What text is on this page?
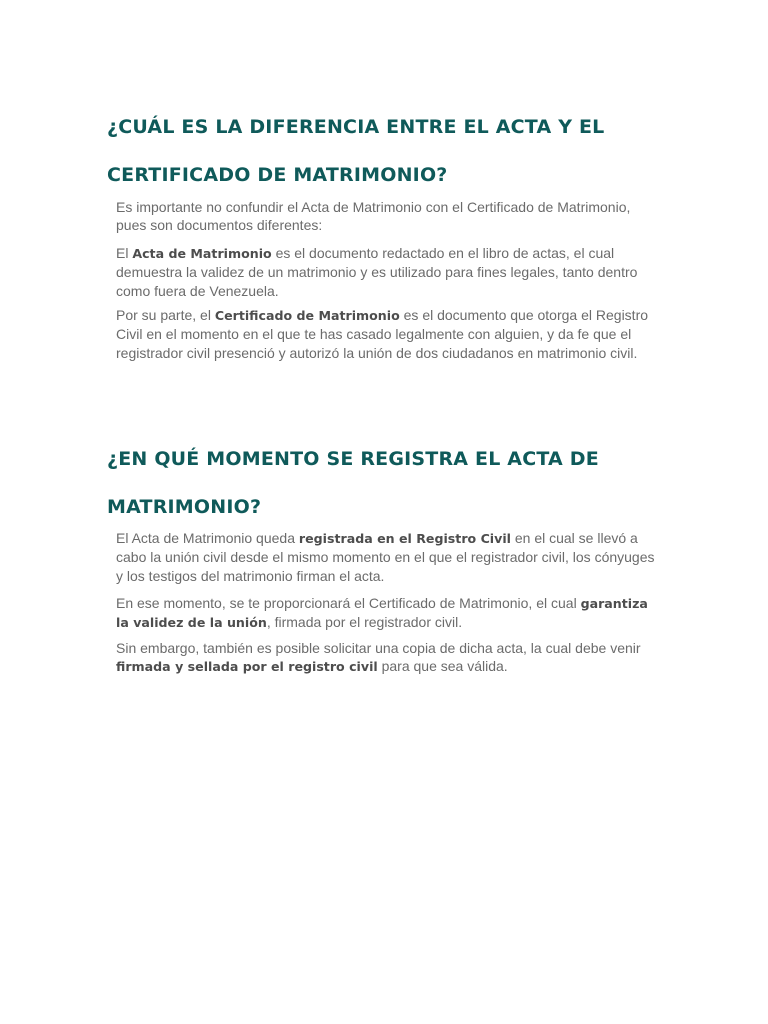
¿CUÁL ES LA DIFERENCIA ENTRE EL ACTA Y EL CERTIFICADO DE MATRIMONIO?

Es importante no confundir el Acta de Matrimonio con el Certificado de Matrimonio, pues son documentos diferentes:

El Acta de Matrimonio es el documento redactado en el libro de actas, el cual demuestra la validez de un matrimonio y es utilizado para fines legales, tanto dentro como fuera de Venezuela.

Por su parte, el Certificado de Matrimonio es el documento que otorga el Registro Civil en el momento en el que te has casado legalmente con alguien, y da fe que el registrador civil presenció y autorizó la unión de dos ciudadanos en matrimonio civil.

¿EN QUÉ MOMENTO SE REGISTRA EL ACTA DE MATRIMONIO?

El Acta de Matrimonio queda registrada en el Registro Civil en el cual se llevó a cabo la unión civil desde el mismo momento en el que el registrador civil, los cónyuges y los testigos del matrimonio firman el acta.

En ese momento, se te proporcionará el Certificado de Matrimonio, el cual garantiza la validez de la unión, firmada por el registrador civil.

Sin embargo, también es posible solicitar una copia de dicha acta, la cual debe venir firmada y sellada por el registro civil para que sea válida.
